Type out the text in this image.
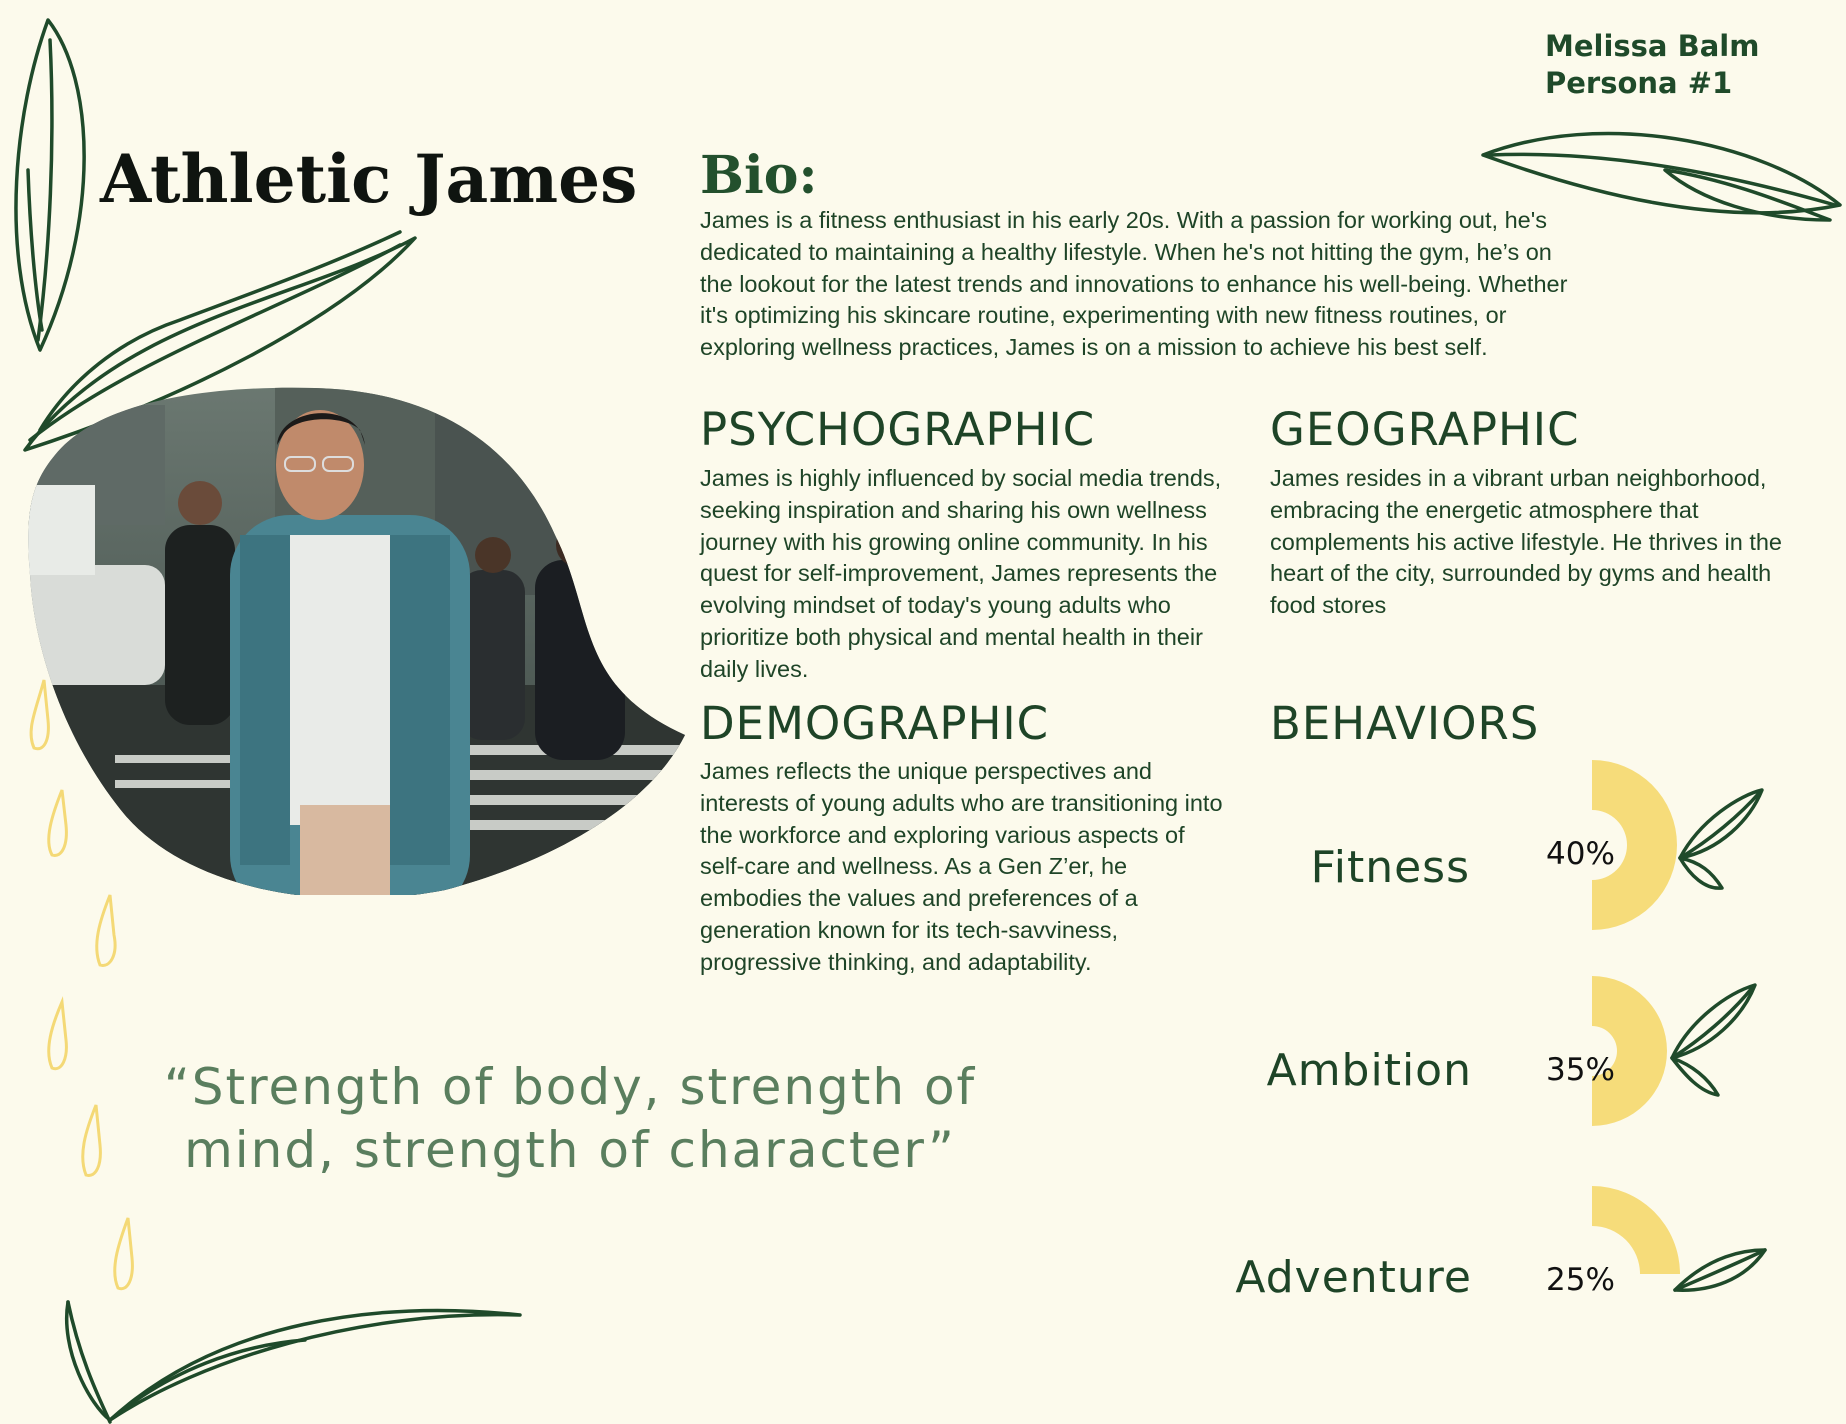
Melissa Balm
Persona #1
Athletic James Bio:
James is a fitness enthusiast in his early 20s. With a passion for working out, he's dedicated to maintaining a healthy lifestyle. When he's not hitting the gym, he’s on the lookout for the latest trends and innovations to enhance his well-being. Whether it's optimizing his skincare routine, experimenting with new fitness routines, or exploring wellness practices, James is on a mission to achieve his best self.
PSYCHOGRAPHIC
James is highly influenced by social media trends, seeking inspiration and sharing his own wellness journey with his growing online community. In his quest for self-improvement, James represents the evolving mindset of today's young adults who prioritize both physical and mental health in their daily lives.
GEOGRAPHIC
James resides in a vibrant urban neighborhood, embracing the energetic atmosphere that complements his active lifestyle. He thrives in the heart of the city, surrounded by gyms and health food stores
DEMOGRAPHIC
James reflects the unique perspectives and interests of young adults who are transitioning into the workforce and exploring various aspects of self-care and wellness. As a Gen Z’er, he embodies the values and preferences of a generation known for its tech-savviness, progressive thinking, and adaptability.
BEHAVIORS
Fitness 40%
Ambition 35%
Adventure 25%
“Strength of body, strength of mind, strength of character”
